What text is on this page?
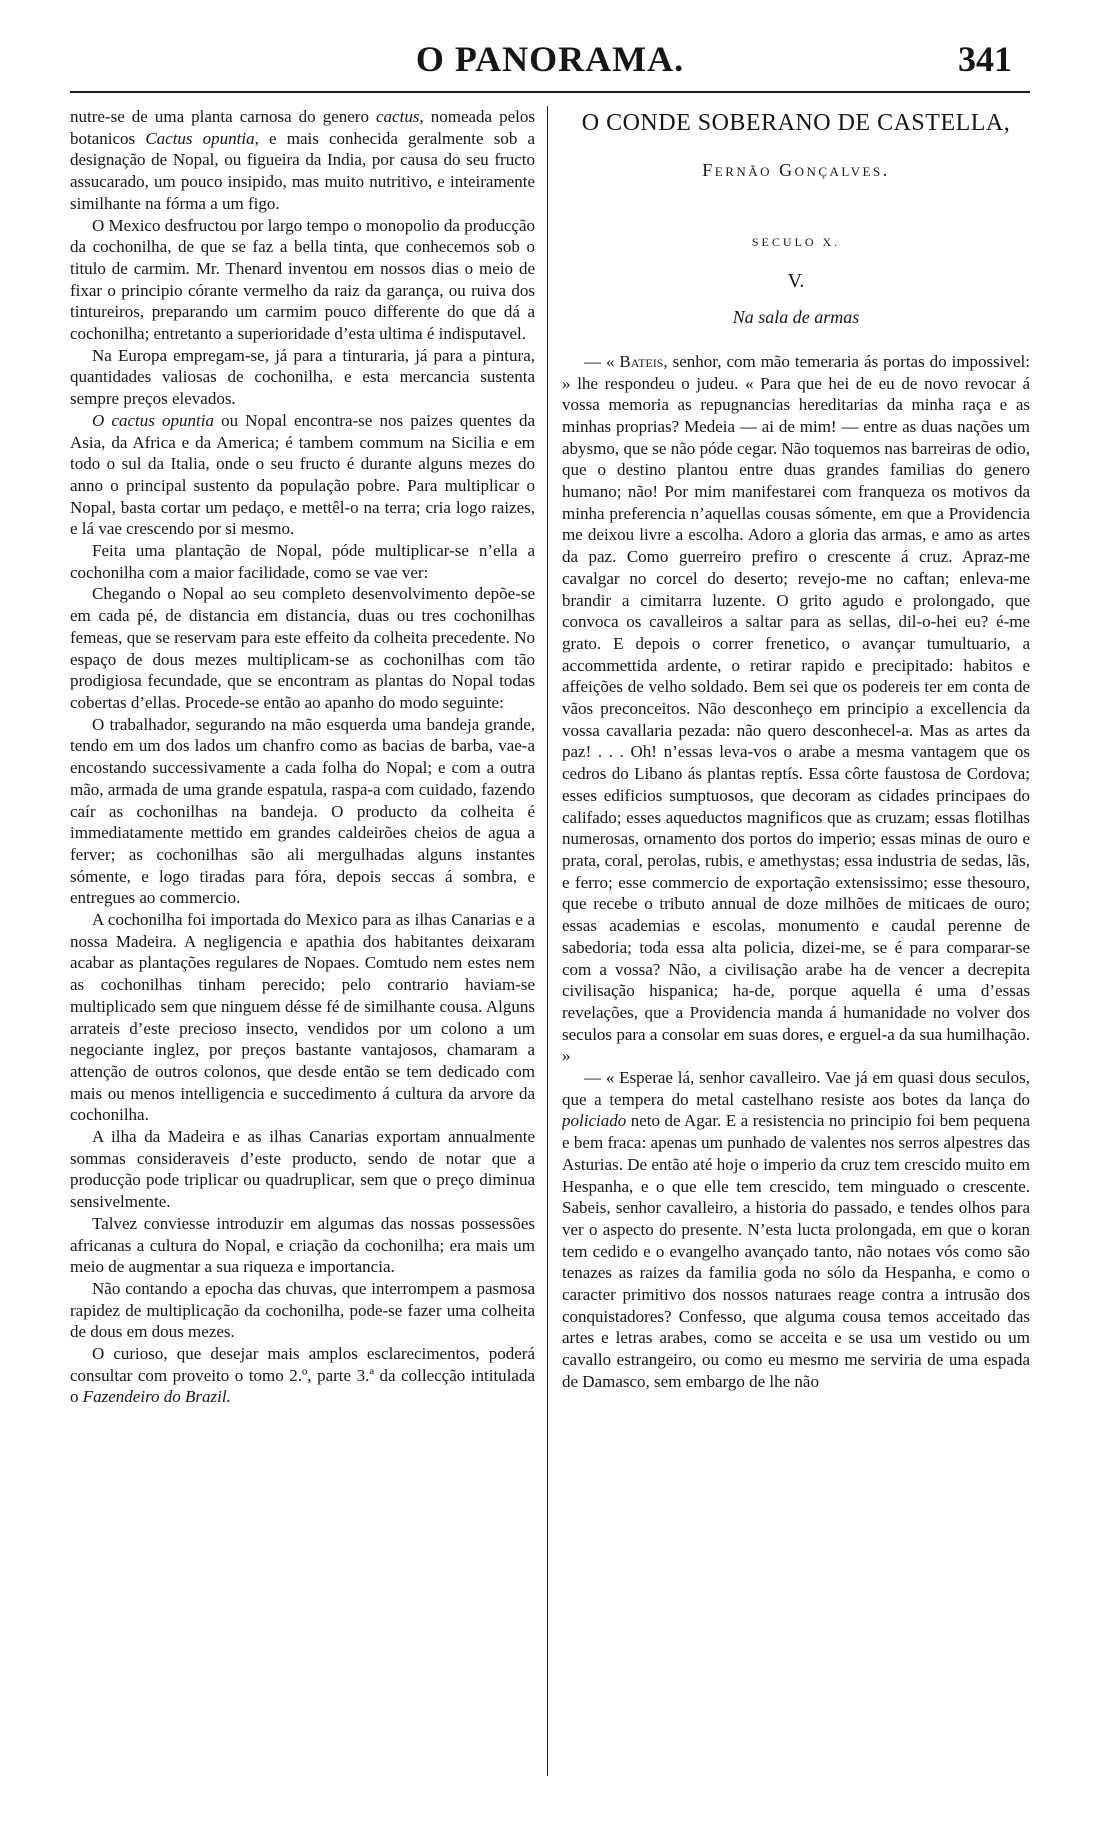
O PANORAMA.	341

nutre-se de uma planta carnosa do genero cactus, nomeada pelos botanicos Cactus opuntia, e mais conhecida geralmente sob a designação de Nopal, ou figueira da India, por causa do seu fructo assucarado, um pouco insipido, mas muito nutritivo, e inteiramente similhante na fórma a um figo.

O Mexico desfructou por largo tempo o monopolio da producção da cochonilha, de que se faz a bella tinta, que conhecemos sob o titulo de carmim. Mr. Thenard inventou em nossos dias o meio de fixar o principio córante vermelho da raiz da garança, ou ruiva dos tintureiros, preparando um carmim pouco differente do que dá a cochonilha; entretanto a superioridade d’esta ultima é indisputavel.

Na Europa empregam-se, já para a tinturaria, já para a pintura, quantidades valiosas de cochonilha, e esta mercancia sustenta sempre preços elevados.

O cactus opuntia ou Nopal encontra-se nos paizes quentes da Asia, da Africa e da America; é tambem commum na Sicilia e em todo o sul da Italia, onde o seu fructo é durante alguns mezes do anno o principal sustento da população pobre. Para multiplicar o Nopal, basta cortar um pedaço, e mettêl-o na terra; cria logo raizes, e lá vae crescendo por si mesmo.

Feita uma plantação de Nopal, póde multiplicar-se n’ella a cochonilha com a maior facilidade, como se vae ver:

Chegando o Nopal ao seu completo desenvolvimento depõe-se em cada pé, de distancia em distancia, duas ou tres cochonilhas femeas, que se reservam para este effeito da colheita precedente. No espaço de dous mezes multiplicam-se as cochonilhas com tão prodigiosa fecundade, que se encontram as plantas do Nopal todas cobertas d’ellas. Procede-se então ao apanho do modo seguinte:

O trabalhador, segurando na mão esquerda uma bandeja grande, tendo em um dos lados um chanfro como as bacias de barba, vae-a encostando successivamente a cada folha do Nopal; e com a outra mão, armada de uma grande espatula, raspa-a com cuidado, fazendo caír as cochonilhas na bandeja. O producto da colheita é immediatamente mettido em grandes caldeirões cheios de agua a ferver; as cochonilhas são ali mergulhadas alguns instantes sómente, e logo tiradas para fóra, depois seccas á sombra, e entregues ao commercio.

A cochonilha foi importada do Mexico para as ilhas Canarias e a nossa Madeira. A negligencia e apathia dos habitantes deixaram acabar as plantações regulares de Nopaes. Comtudo nem estes nem as cochonilhas tinham perecido; pelo contrario haviam-se multiplicado sem que ninguem désse fé de similhante cousa. Alguns arrateis d’este precioso insecto, vendidos por um colono a um negociante inglez, por preços bastante vantajosos, chamaram a attenção de outros colonos, que desde então se tem dedicado com mais ou menos intelligencia e succedimento á cultura da arvore da cochonilha.

A ilha da Madeira e as ilhas Canarias exportam annualmente sommas consideraveis d’este producto, sendo de notar que a producção pode triplicar ou quadruplicar, sem que o preço diminua sensivelmente.

Talvez conviesse introduzir em algumas das nossas possessões africanas a cultura do Nopal, e criação da cochonilha; era mais um meio de augmentar a sua riqueza e importancia.

Não contando a epocha das chuvas, que interrompem a pasmosa rapidez de multiplicação da cochonilha, pode-se fazer uma colheita de dous em dous mezes.

O curioso, que desejar mais amplos esclarecimentos, poderá consultar com proveito o tomo 2.º, parte 3.ª da collecção intitulada o Fazendeiro do Brazil.

O CONDE SOBERANO DE CASTELLA,
Fernão Gonçalves.
SECULO X.
V.
Na sala de armas

— « Bateis, senhor, com mão temeraria ás portas do impossivel: » lhe respondeu o judeu. « Para que hei de eu de novo revocar á vossa memoria as repugnancias hereditarias da minha raça e as minhas proprias? Medeia — ai de mim! — entre as duas nações um abysmo, que se não póde cegar. Não toquemos nas barreiras de odio, que o destino plantou entre duas grandes familias do genero humano; não! Por mim manifestarei com franqueza os motivos da minha preferencia n’aquellas cousas sómente, em que a Providencia me deixou livre a escolha. Adoro a gloria das armas, e amo as artes da paz. Como guerreiro prefiro o crescente á cruz. Apraz-me cavalgar no corcel do deserto; revejo-me no caftan; enleva-me brandir a cimitarra luzente. O grito agudo e prolongado, que convoca os cavalleiros a saltar para as sellas, dil-o-hei eu? é-me grato. E depois o correr frenetico, o avançar tumultuario, a accommettida ardente, o retirar rapido e precipitado: habitos e affeições de velho soldado. Bem sei que os podereis ter em conta de vãos preconceitos. Não desconheço em principio a excellencia da vossa cavallaria pezada: não quero desconhecel-a. Mas as artes da paz! . . . Oh! n’essas leva-vos o arabe a mesma vantagem que os cedros do Libano ás plantas reptís. Essa côrte faustosa de Cordova; esses edificios sumptuosos, que decoram as cidades principaes do califado; esses aqueductos magnificos que as cruzam; essas flotilhas numerosas, ornamento dos portos do imperio; essas minas de ouro e prata, coral, perolas, rubis, e amethystas; essa industria de sedas, lãs, e ferro; esse commercio de exportação extensissimo; esse thesouro, que recebe o tributo annual de doze milhões de miticaes de ouro; essas academias e escolas, monumento e caudal perenne de sabedoria; toda essa alta policia, dizei-me, se é para comparar-se com a vossa? Não, a civilisação arabe ha de vencer a decrepita civilisação hispanica; ha-de, porque aquella é uma d’essas revelações, que a Providencia manda á humanidade no volver dos seculos para a consolar em suas dores, e erguel-a da sua humilhação. »

— « Esperae lá, senhor cavalleiro. Vae já em quasi dous seculos, que a tempera do metal castelhano resiste aos botes da lança do policiado neto de Agar. E a resistencia no principio foi bem pequena e bem fraca: apenas um punhado de valentes nos serros alpestres das Asturias. De então até hoje o imperio da cruz tem crescido muito em Hespanha, e o que elle tem crescido, tem minguado o crescente. Sabeis, senhor cavalleiro, a historia do passado, e tendes olhos para ver o aspecto do presente. N’esta lucta prolongada, em que o koran tem cedido e o evangelho avançado tanto, não notaes vós como são tenazes as raizes da familia goda no sólo da Hespanha, e como o caracter primitivo dos nossos naturaes reage contra a intrusão dos conquistadores? Confesso, que alguma cousa temos acceitado das artes e letras arabes, como se acceita e se usa um vestido ou um cavallo estrangeiro, ou como eu mesmo me serviria de uma espada de Damasco, sem embargo de lhe não
